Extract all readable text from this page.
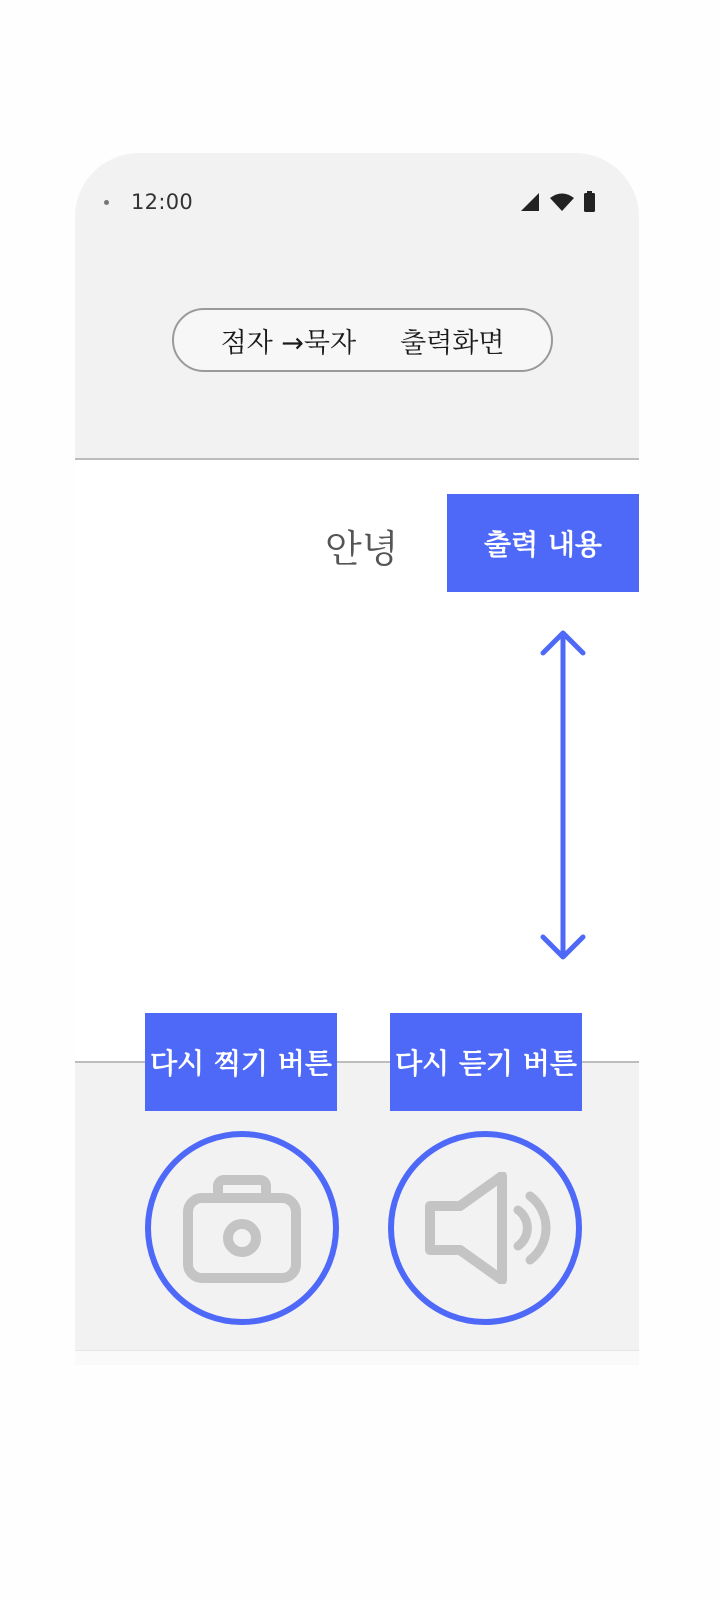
12:00
점자 →묵자 출력화면
안녕	출력 내용
다시 찍기 버튼 다시 듣기 버튼
